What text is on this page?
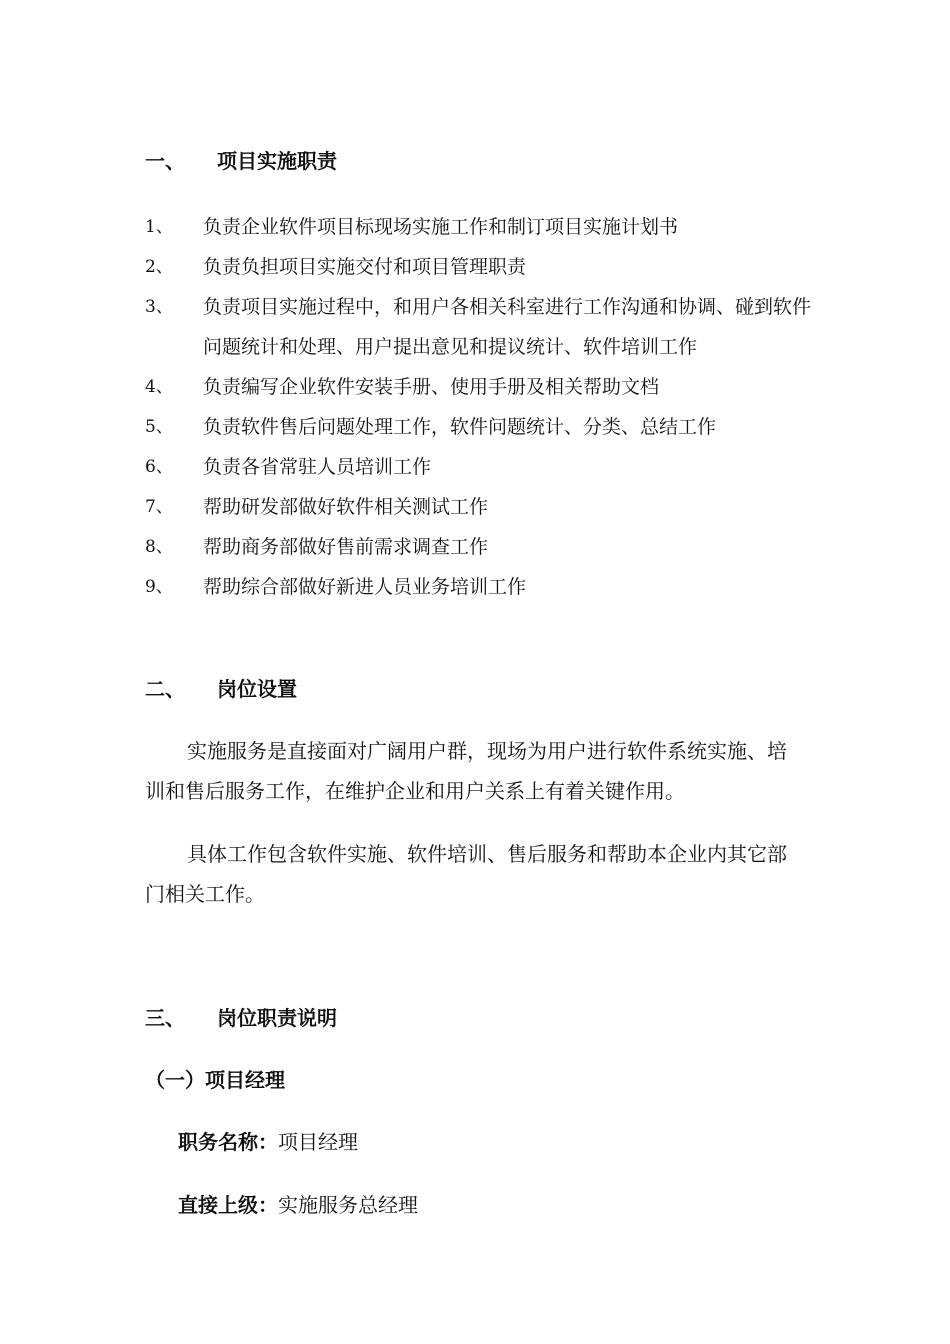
一、 项目实施职责
1、	负责企业软件项目标现场实施工作和制订项目实施计划书
2、	负责负担项目实施交付和项目管理职责
3、	负责项目实施过程中，和用户各相关科室进行工作沟通和协调、碰到软件问题统计和处理、用户提出意见和提议统计、软件培训工作
4、	负责编写企业软件安装手册、使用手册及相关帮助文档
5、	负责软件售后问题处理工作，软件问题统计、分类、总结工作
6、	负责各省常驻人员培训工作
7、	帮助研发部做好软件相关测试工作
8、	帮助商务部做好售前需求调查工作
9、	帮助综合部做好新进人员业务培训工作
二、 岗位设置
实施服务是直接面对广阔用户群，现场为用户进行软件系统实施、培训和售后服务工作，在维护企业和用户关系上有着关键作用。
具体工作包含软件实施、软件培训、售后服务和帮助本企业内其它部门相关工作。
三、 岗位职责说明
（一）项目经理
职务名称：项目经理
直接上级：实施服务总经理
